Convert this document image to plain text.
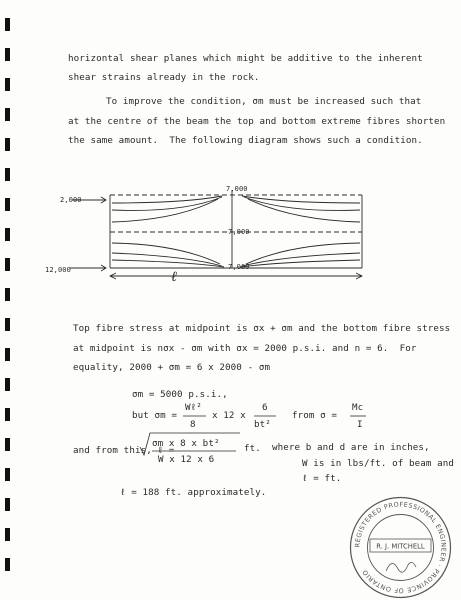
horizontal shear planes which might be additive to the inherent
shear strains already in the rock.
To improve the condition, σm must be increased such that
at the centre of the beam the top and bottom extreme fibres shorten
the same amount.  The following diagram shows such a condition.
2,000
12,000
7,000
7,000
7,000
ℓ
Top fibre stress at midpoint is σx + σm and the bottom fibre stress
at midpoint is nσx - σm with σx = 2000 p.s.i. and n = 6.  For
equality, 2000 + σm = 6 x 2000 - σm
σm = 5000 p.s.i.,
but σm =
Wℓ²
8
x 12 x
6
bt²
from σ =
Mc
I
and from this, ℓ =
σm x 8 x bt²
W x 12 x 6
ft. where b and d are in inches,
W is in lbs/ft. of beam and
ℓ = ft.
ℓ = 188 ft. approximately.
REGISTERED PROFESSIONAL ENGINEER · PROVINCE OF ONTARIO
R. J. MITCHELL
